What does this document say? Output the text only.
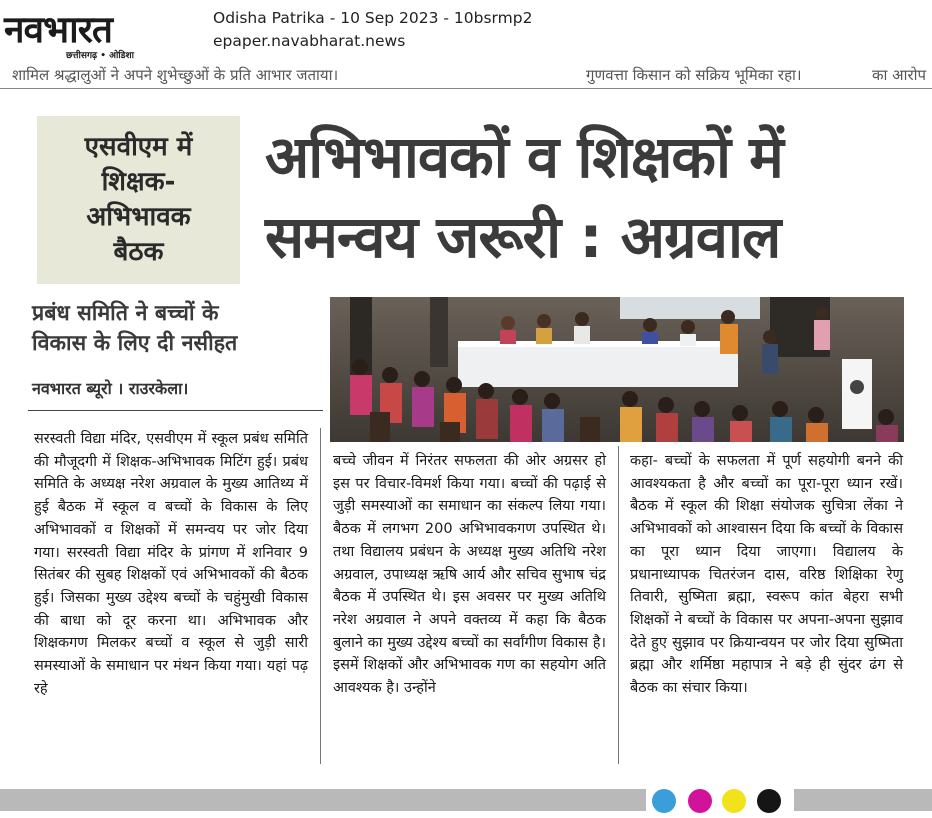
नवभारत
छत्तीसगढ़ • ओडिशा
Odisha Patrika - 10 Sep 2023 - 10bsrmp2
epaper.navabharat.news
शामिल श्रद्धालुओं ने अपने शुभेच्छुओं के प्रति आभार जताया।	गुणवत्ता किसान को सक्रिय भूमिका रहा।	का आरोप
एसवीएम में
शिक्षक-
अभिभावक
बैठक
अभिभावकों व शिक्षकों में
समन्वय जरूरी : अग्रवाल
प्रबंध समिति ने बच्चों के
विकास के लिए दी नसीहत
नवभारत ब्यूरो । राउरकेला।
सरस्वती विद्या मंदिर, एसवीएम में स्कूल प्रबंध समिति की मौजूदगी में शिक्षक-अभिभावक मिटिंग हुई। प्रबंध समिति के अध्यक्ष नरेश अग्रवाल के मुख्य आतिथ्य में हुई बैठक में स्कूल व बच्चों के विकास के लिए अभिभावकों व शिक्षकों में समन्वय पर जोर दिया गया। सरस्वती विद्या मंदिर के प्रांगण में शनिवार 9 सितंबर की सुबह शिक्षकों एवं अभिभावकों की बैठक हुई। जिसका मुख्य उद्देश्य बच्चों के चहुंमुखी विकास की बाधा को दूर करना था। अभिभावक और शिक्षकगण मिलकर बच्चों व स्कूल से जुड़ी सारी समस्याओं के समाधान पर मंथन किया गया। यहां पढ़ रहे
बच्चे जीवन में निरंतर सफलता की ओर अग्रसर हो इस पर विचार-विमर्श किया गया। बच्चों की पढ़ाई से जुड़ी समस्याओं का समाधान का संकल्प लिया गया। बैठक में लगभग 200 अभिभावकगण उपस्थित थे। तथा विद्यालय प्रबंधन के अध्यक्ष मुख्य अतिथि नरेश अग्रवाल, उपाध्यक्ष ऋषि आर्य और सचिव सुभाष चंद्र बैठक में उपस्थित थे। इस अवसर पर मुख्य अतिथि नरेश अग्रवाल ने अपने वक्तव्य में कहा कि बैठक बुलाने का मुख्य उद्देश्य बच्चों का सर्वांगीण विकास है। इसमें शिक्षकों और अभिभावक गण का सहयोग अति आवश्यक है। उन्होंने
कहा- बच्चों के सफलता में पूर्ण सहयोगी बनने की आवश्यकता है और बच्चों का पूरा-पूरा ध्यान रखें। बैठक में स्कूल की शिक्षा संयोजक सुचित्रा लेंका ने अभिभावकों को आश्वासन दिया कि बच्चों के विकास का पूरा ध्यान दिया जाएगा। विद्यालय के प्रधानाध्यापक चितरंजन दास, वरिष्ठ शिक्षिका रेणु तिवारी, सुष्मिता ब्रह्मा, स्वरूप कांत बेहरा सभी शिक्षकों ने बच्चों के विकास पर अपना-अपना सुझाव देते हुए सुझाव पर क्रियान्वयन पर जोर दिया सुष्मिता ब्रह्मा और शर्मिष्ठा महापात्र ने बड़े ही सुंदर ढंग से बैठक का संचार किया।
